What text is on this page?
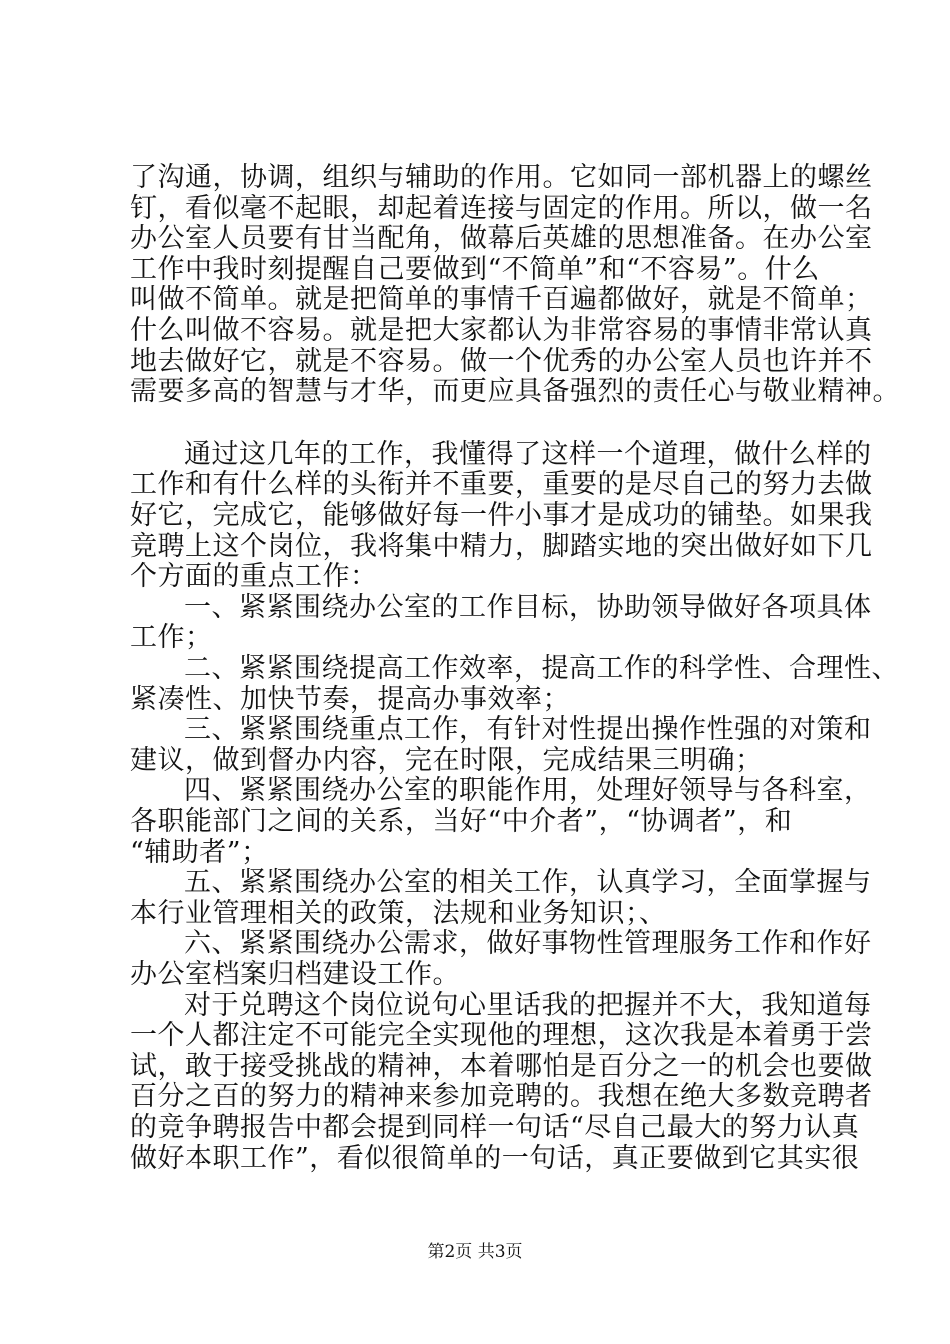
了沟通，协调，组织与辅助的作用。它如同一部机器上的螺丝
钉，看似毫不起眼，却起着连接与固定的作用。所以，做一名
办公室人员要有甘当配角，做幕后英雄的思想准备。在办公室
工作中我时刻提醒自己要做到“不简单”和“不容易”。什么
叫做不简单。就是把简单的事情千百遍都做好，就是不简单；
什么叫做不容易。就是把大家都认为非常容易的事情非常认真
地去做好它，就是不容易。做一个优秀的办公室人员也许并不
需要多高的智慧与才华，而更应具备强烈的责任心与敬业精神。
通过这几年的工作，我懂得了这样一个道理，做什么样的
工作和有什么样的头衔并不重要，重要的是尽自己的努力去做
好它，完成它，能够做好每一件小事才是成功的铺垫。如果我
竞聘上这个岗位，我将集中精力，脚踏实地的突出做好如下几
个方面的重点工作：
一、紧紧围绕办公室的工作目标，协助领导做好各项具体
工作；
二、紧紧围绕提高工作效率，提高工作的科学性、合理性、
紧凑性、加快节奏，提高办事效率；
三、紧紧围绕重点工作，有针对性提出操作性强的对策和
建议，做到督办内容，完在时限，完成结果三明确；
四、紧紧围绕办公室的职能作用，处理好领导与各科室，
各职能部门之间的关系，当好“中介者”，“协调者”，和
“辅助者”；
五、紧紧围绕办公室的相关工作，认真学习，全面掌握与
本行业管理相关的政策，法规和业务知识；、
六、紧紧围绕办公需求，做好事物性管理服务工作和作好
办公室档案归档建设工作。
对于兑聘这个岗位说句心里话我的把握并不大，我知道每
一个人都注定不可能完全实现他的理想，这次我是本着勇于尝
试，敢于接受挑战的精神，本着哪怕是百分之一的机会也要做
百分之百的努力的精神来参加竞聘的。我想在绝大多数竞聘者
的竞争聘报告中都会提到同样一句话“尽自己最大的努力认真
做好本职工作”，看似很简单的一句话，真正要做到它其实很
第2页 共3页
